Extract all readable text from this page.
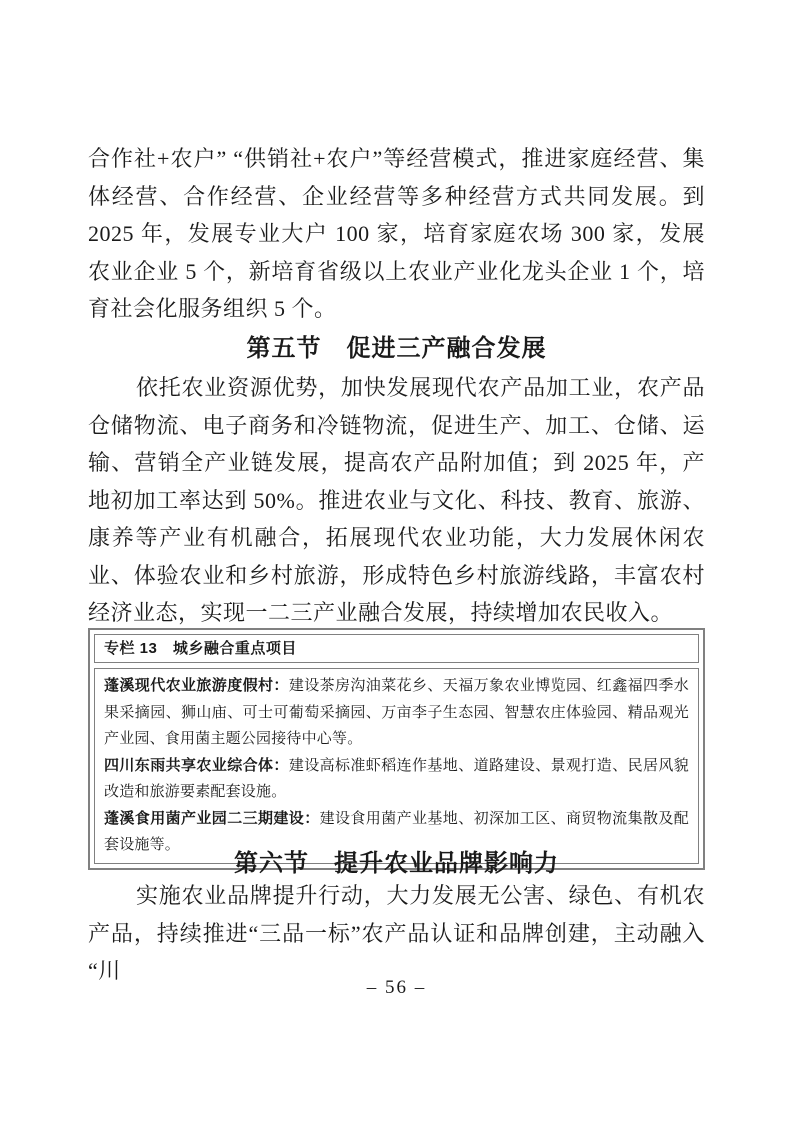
合作社+农户” “供销社+农户”等经营模式，推进家庭经营、集体经营、合作经营、企业经营等多种经营方式共同发展。到 2025 年，发展专业大户 100 家，培育家庭农场 300 家，发展农业企业 5 个，新培育省级以上农业产业化龙头企业 1 个，培育社会化服务组织 5 个。

第五节　促进三产融合发展

依托农业资源优势，加快发展现代农产品加工业，农产品仓储物流、电子商务和冷链物流，促进生产、加工、仓储、运输、营销全产业链发展，提高农产品附加值；到 2025 年，产地初加工率达到 50%。推进农业与文化、科技、教育、旅游、康养等产业有机融合，拓展现代农业功能，大力发展休闲农业、体验农业和乡村旅游，形成特色乡村旅游线路，丰富农村经济业态，实现一二三产业融合发展，持续增加农民收入。

专栏 13　城乡融合重点项目

蓬溪现代农业旅游度假村：建设茶房沟油菜花乡、天福万象农业博览园、红鑫福四季水果采摘园、狮山庙、可士可葡萄采摘园、万亩李子生态园、智慧农庄体验园、精品观光产业园、食用菌主题公园接待中心等。

四川东雨共享农业综合体：建设高标准虾稻连作基地、道路建设、景观打造、民居风貌改造和旅游要素配套设施。

蓬溪食用菌产业园二三期建设：建设食用菌产业基地、初深加工区、商贸物流集散及配套设施等。

第六节　提升农业品牌影响力

实施农业品牌提升行动，大力发展无公害、绿色、有机农产品，持续推进“三品一标”农产品认证和品牌创建，主动融入“川

– 56 –
